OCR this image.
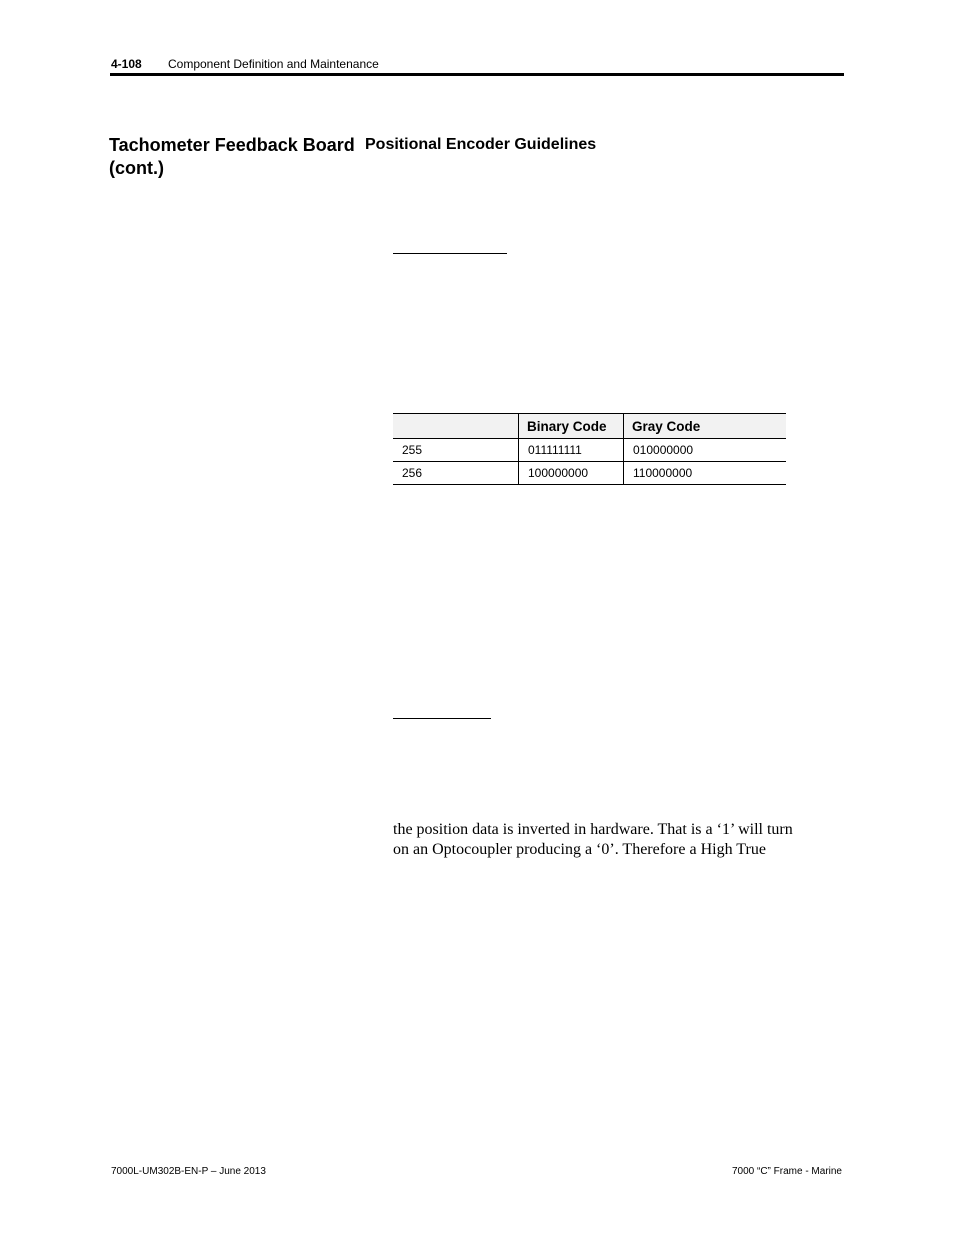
4-108 Component Definition and Maintenance
Tachometer Feedback Board
(cont.)
Positional Encoder Guidelines
	Binary Code	Gray Code
255	011111111	010000000
256	100000000	110000000

the position data is inverted in hardware. That is a ‘1’ will turn

on an Optocoupler producing a ‘0’. Therefore a High True

7000L-UM302B-EN-P – June 2013	7000 “C” Frame - Marine
